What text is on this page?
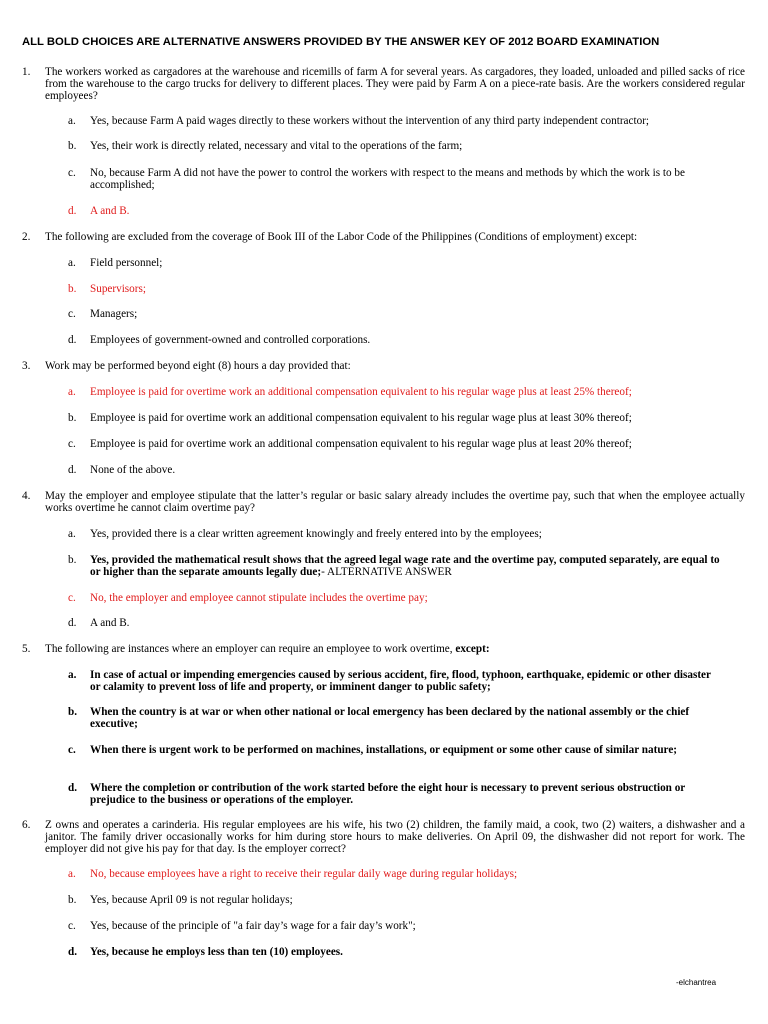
ALL BOLD CHOICES ARE ALTERNATIVE ANSWERS PROVIDED BY THE ANSWER KEY OF 2012 BOARD EXAMINATION
1. The workers worked as cargadores at the warehouse and ricemills of farm A for several years. As cargadores, they loaded, unloaded and pilled sacks of rice from the warehouse to the cargo trucks for delivery to different places. They were paid by Farm A on a piece-rate basis. Are the workers considered regular employees?
a. Yes, because Farm A paid wages directly to these workers without the intervention of any third party independent contractor;
b. Yes, their work is directly related, necessary and vital to the operations of the farm;
c. No, because Farm A did not have the power to control the workers with respect to the means and methods by which the work is to be accomplished;
d. A and B.
2. The following are excluded from the coverage of Book III of the Labor Code of the Philippines (Conditions of employment) except:
a. Field personnel;
b. Supervisors;
c. Managers;
d. Employees of government-owned and controlled corporations.
3. Work may be performed beyond eight (8) hours a day provided that:
a. Employee is paid for overtime work an additional compensation equivalent to his regular wage plus at least 25% thereof;
b. Employee is paid for overtime work an additional compensation equivalent to his regular wage plus at least 30% thereof;
c. Employee is paid for overtime work an additional compensation equivalent to his regular wage plus at least 20% thereof;
d. None of the above.
4. May the employer and employee stipulate that the latter’s regular or basic salary already includes the overtime pay, such that when the employee actually works overtime he cannot claim overtime pay?
a. Yes, provided there is a clear written agreement knowingly and freely entered into by the employees;
b. Yes, provided the mathematical result shows that the agreed legal wage rate and the overtime pay, computed separately, are equal to or higher than the separate amounts legally due;- ALTERNATIVE ANSWER
c. No, the employer and employee cannot stipulate includes the overtime pay;
d. A and B.
5. The following are instances where an employer can require an employee to work overtime, except:
a. In case of actual or impending emergencies caused by serious accident, fire, flood, typhoon, earthquake, epidemic or other disaster or calamity to prevent loss of life and property, or imminent danger to public safety;
b. When the country is at war or when other national or local emergency has been declared by the national assembly or the chief executive;
c. When there is urgent work to be performed on machines, installations, or equipment or some other cause of similar nature;
d. Where the completion or contribution of the work started before the eight hour is necessary to prevent serious obstruction or prejudice to the business or operations of the employer.
6. Z owns and operates a carinderia. His regular employees are his wife, his two (2) children, the family maid, a cook, two (2) waiters, a dishwasher and a janitor. The family driver occasionally works for him during store hours to make deliveries. On April 09, the dishwasher did not report for work. The employer did not give his pay for that day. Is the employer correct?
a. No, because employees have a right to receive their regular daily wage during regular holidays;
b. Yes, because April 09 is not regular holidays;
c. Yes, because of the principle of "a fair day’s wage for a fair day’s work";
d. Yes, because he employs less than ten (10) employees.
-elchantrea
